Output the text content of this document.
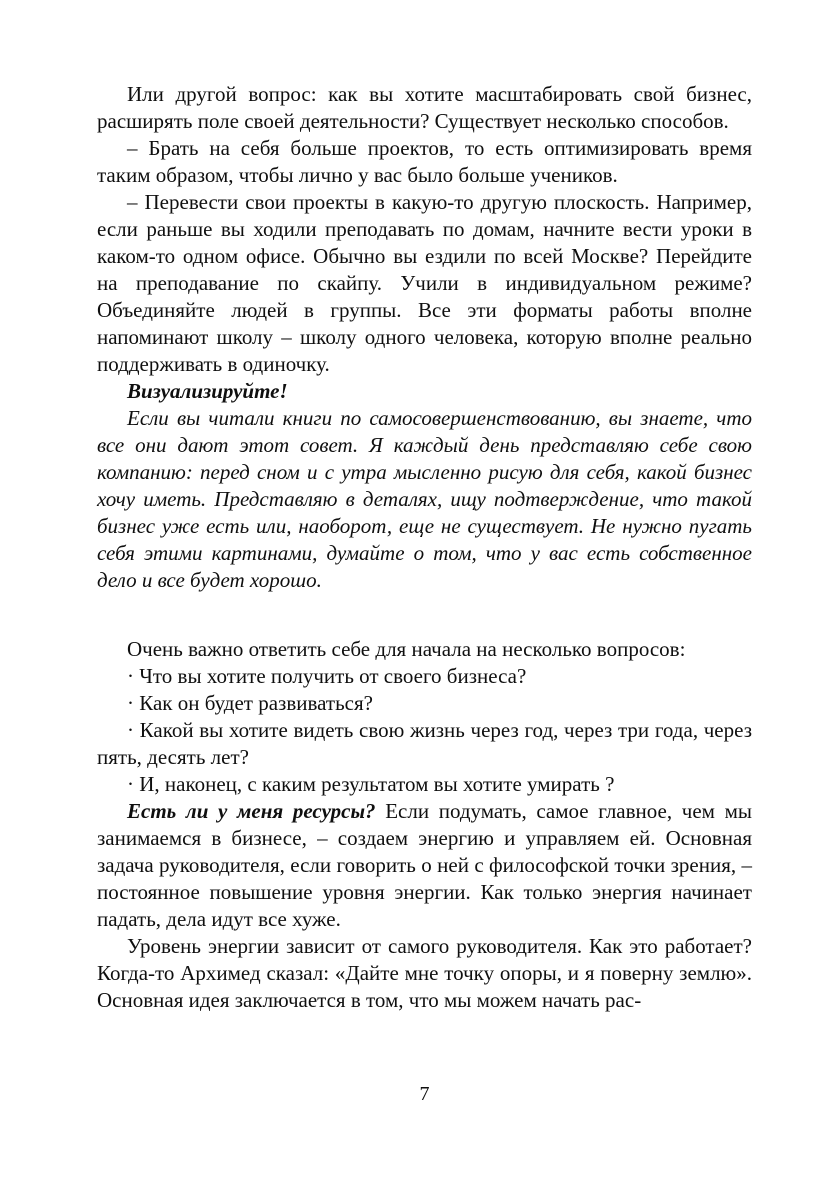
Или другой вопрос: как вы хотите масштабировать свой бизнес, расширять поле своей деятельности? Существует несколько способов.

– Брать на себя больше проектов, то есть оптимизировать время таким образом, чтобы лично у вас было больше учеников.

– Перевести свои проекты в какую-то другую плоскость. Например, если раньше вы ходили преподавать по домам, начните вести уроки в каком-то одном офисе. Обычно вы ездили по всей Москве? Перейдите на преподавание по скайпу. Учили в индивидуальном режиме? Объединяйте людей в группы. Все эти форматы работы вполне напоминают школу – школу одного человека, которую вполне реально поддерживать в одиночку.

Визуализируйте!

Если вы читали книги по самосовершенствованию, вы знаете, что все они дают этот совет. Я каждый день представляю себе свою компанию: перед сном и с утра мысленно рисую для себя, какой бизнес хочу иметь. Представляю в деталях, ищу подтверждение, что такой бизнес уже есть или, наоборот, еще не существует. Не нужно пугать себя этими картинами, думайте о том, что у вас есть собственное дело и все будет хорошо.

Очень важно ответить себе для начала на несколько вопросов:

· Что вы хотите получить от своего бизнеса?

· Как он будет развиваться?

· Какой вы хотите видеть свою жизнь через год, через три года, через пять, десять лет?

· И, наконец, с каким результатом вы хотите умирать ?

Есть ли у меня ресурсы? Если подумать, самое главное, чем мы занимаемся в бизнесе, – создаем энергию и управляем ей. Основная задача руководителя, если говорить о ней с философской точки зрения, – постоянное повышение уровня энергии. Как только энергия начинает падать, дела идут все хуже.

Уровень энергии зависит от самого руководителя. Как это работает? Когда-то Архимед сказал: «Дайте мне точку опоры, и я поверну землю». Основная идея заключается в том, что мы можем начать рас-

7
